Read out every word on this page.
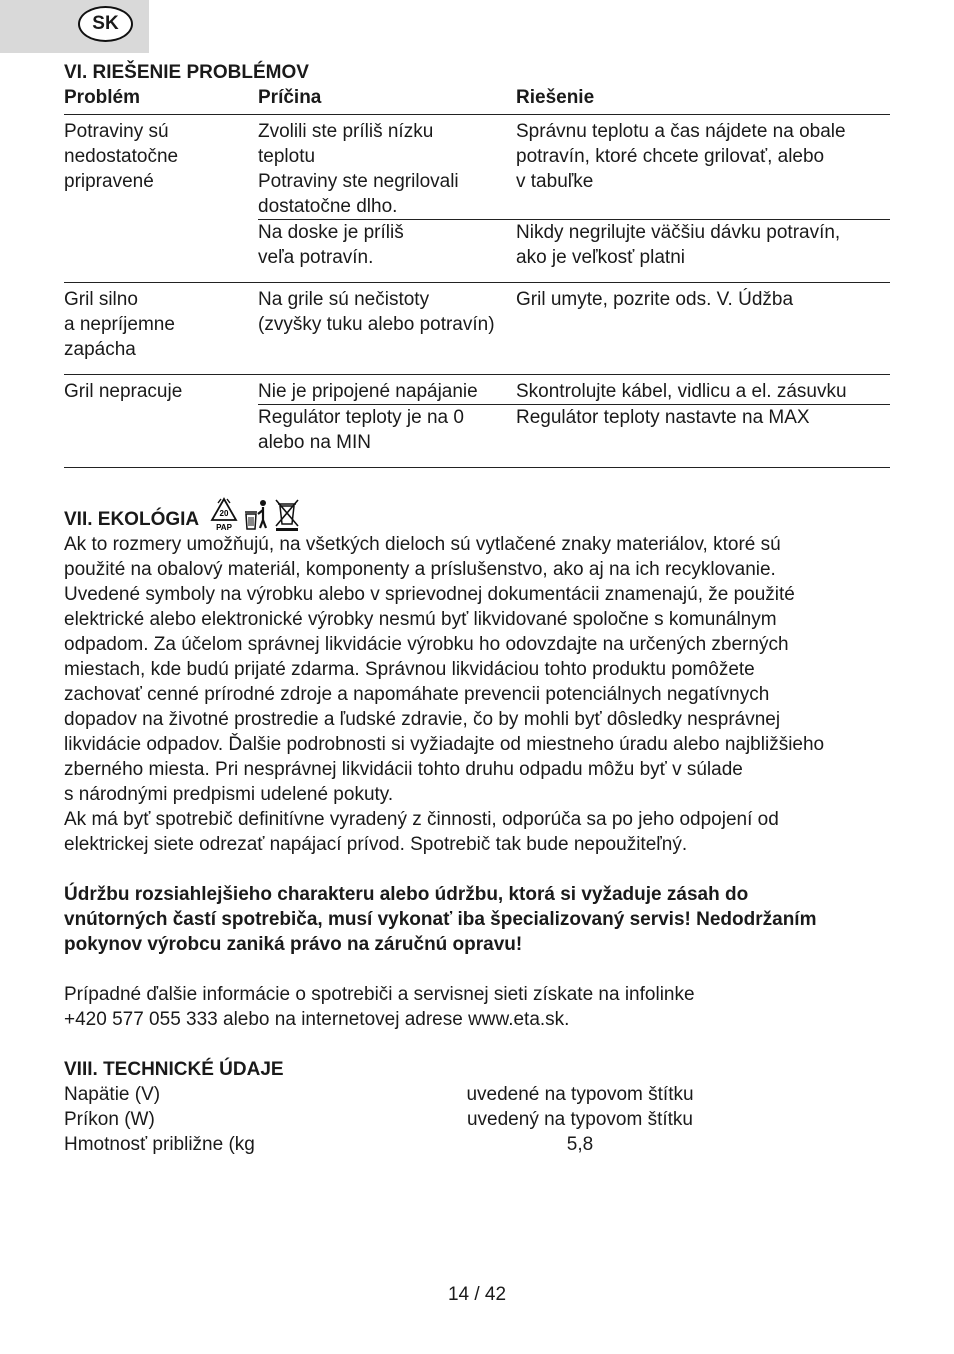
SK
VI. RIEŠENIE PROBLÉMOV
Problém	Príčina	Riešenie

Potraviny sú
nedostatočne
pripravené	Zvolili ste príliš nízku
teplotu
Potraviny ste negrilovali
dostatočne dlho.	Správnu teplotu a čas nájdete na obale
potravín, ktoré chcete grilovať, alebo
v tabuľke

	Na doske je príliš
veľa potravín.	Nikdy negrilujte väčšiu dávku potravín,
ako je veľkosť platni

Gril silno
a nepríjemne
zapácha	Na grile sú nečistoty
(zvyšky tuku alebo potravín)	Gril umyte, pozrite ods. V. Údžba

Gril nepracuje	Nie je pripojené napájanie	Skontrolujte kábel, vidlicu a el. zásuvku

	Regulátor teploty je na 0
alebo na MIN	Regulátor teploty nastavte na MAX
VII. EKOLÓGIA	20
PAP

Ak to rozmery umožňujú, na všetkých dieloch sú vytlačené znaky materiálov, ktoré sú

použité na obalový materiál, komponenty a príslušenstvo, ako aj na ich recyklovanie.

Uvedené symboly na výrobku alebo v sprievodnej dokumentácii znamenajú, že použité

elektrické alebo elektronické výrobky nesmú byť likvidované spoločne s komunálnym

odpadom. Za účelom správnej likvidácie výrobku ho odovzdajte na určených zberných

miestach, kde budú prijaté zdarma. Správnou likvidáciou tohto produktu pomôžete

zachovať cenné prírodné zdroje a napomáhate prevencii potenciálnych negatívnych

dopadov na životné prostredie a ľudské zdravie, čo by mohli byť dôsledky nesprávnej

likvidácie odpadov. Ďalšie podrobnosti si vyžiadajte od miestneho úradu alebo najbližšieho

zberného miesta. Pri nesprávnej likvidácii tohto druhu odpadu môžu byť v súlade

s národnými predpismi udelené pokuty.

Ak má byť spotrebič definitívne vyradený z činnosti, odporúča sa po jeho odpojení od

elektrickej siete odrezať napájací prívod. Spotrebič tak bude nepoužiteľný.

Údržbu rozsiahlejšieho charakteru alebo údržbu, ktorá si vyžaduje zásah do

vnútorných častí spotrebiča, musí vykonať iba špecializovaný servis! Nedodržaním

pokynov výrobcu zaniká právo na záručnú opravu!

Prípadné ďalšie informácie o spotrebiči a servisnej sieti získate na infolinke

+420 577 055 333 alebo na internetovej adrese www.eta.sk.

VIII. TECHNICKÉ ÚDAJE
Napätie (V)	uvedené na typovom štítku
Príkon (W)	uvedený na typovom štítku
Hmotnosť približne (kg	5,8
14 / 42
